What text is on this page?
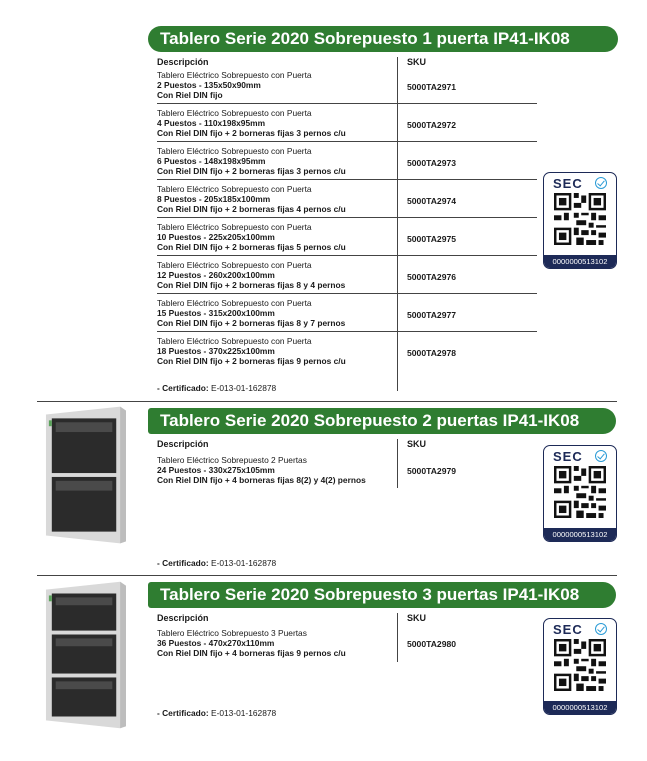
Tablero Serie 2020 Sobrepuesto 1 puerta IP41-IK08
Descripción	SKU
Tablero Eléctrico Sobrepuesto con Puerta
2 Puestos - 135x50x90mm
Con Riel DIN fijo
5000TA2971
Tablero Eléctrico Sobrepuesto con Puerta
4 Puestos - 110x198x95mm
Con Riel DIN fijo + 2 borneras fijas 3 pernos c/u
5000TA2972
Tablero Eléctrico Sobrepuesto con Puerta
6 Puestos - 148x198x95mm
Con Riel DIN fijo + 2 borneras fijas 3 pernos c/u
5000TA2973
Tablero Eléctrico Sobrepuesto con Puerta
8 Puestos - 205x185x100mm
Con Riel DIN fijo + 2 borneras fijas 4 pernos c/u
5000TA2974
Tablero Eléctrico Sobrepuesto con Puerta
10 Puestos - 225x205x100mm
Con Riel DIN fijo + 2 borneras fijas 5 pernos c/u
5000TA2975
Tablero Eléctrico Sobrepuesto con Puerta
12 Puestos - 260x200x100mm
Con Riel DIN fijo + 2 borneras fijas 8 y 4 pernos
5000TA2976
Tablero Eléctrico Sobrepuesto con Puerta
15 Puestos - 315x200x100mm
Con Riel DIN fijo + 2 borneras fijas 8 y 7 pernos
5000TA2977
Tablero Eléctrico Sobrepuesto con Puerta
18 Puestos - 370x225x100mm
Con Riel DIN fijo + 2 borneras fijas 9 pernos c/u
5000TA2978
- Certificado: E-013-01-162878
SEC
0000000513102
Tablero Serie 2020 Sobrepuesto 2 puertas IP41-IK08
Descripción	SKU
Tablero Eléctrico Sobrepuesto 2 Puertas
24 Puestos - 330x275x105mm
Con Riel DIN fijo + 4 borneras fijas 8(2) y 4(2) pernos
5000TA2979
- Certificado: E-013-01-162878
SEC
0000000513102
Tablero Serie 2020 Sobrepuesto 3 puertas IP41-IK08
Descripción	SKU
Tablero Eléctrico Sobrepuesto 3 Puertas
36 Puestos - 470x270x110mm
Con Riel DIN fijo + 4 borneras fijas 9 pernos c/u
5000TA2980
- Certificado: E-013-01-162878
SEC
0000000513102
